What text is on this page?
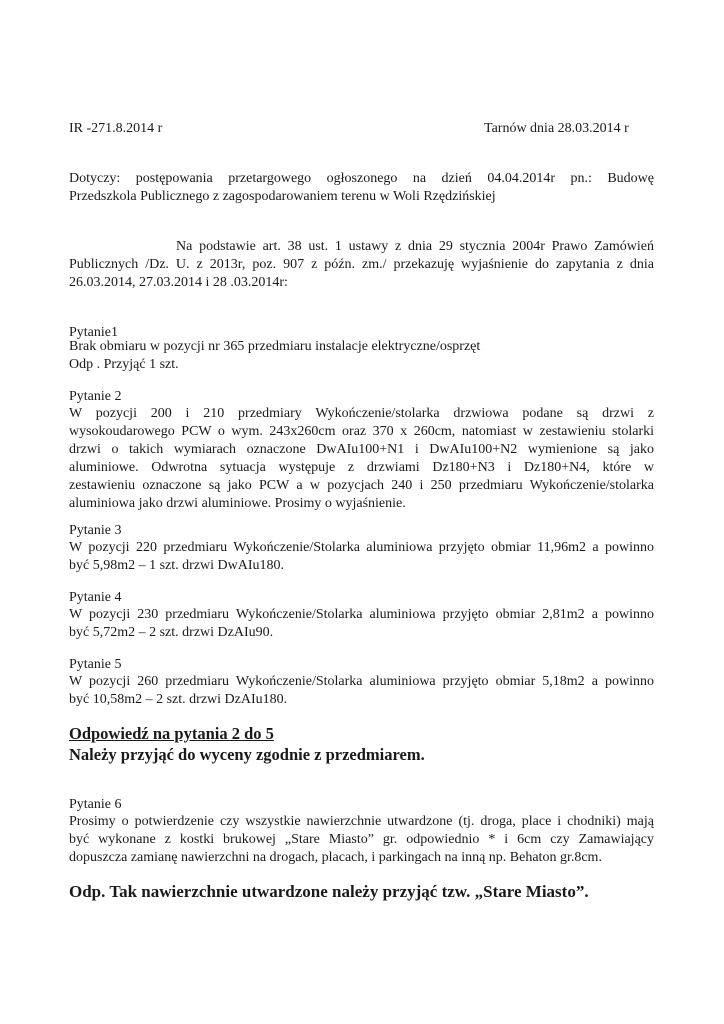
IR -271.8.2014 r	Tarnów dnia 28.03.2014 r
Dotyczy: postępowania przetargowego ogłoszonego na dzień 04.04.2014r pn.: Budowę
Przedszkola Publicznego z zagospodarowaniem terenu w Woli Rzędzińskiej
Na podstawie art. 38 ust. 1 ustawy z dnia 29 stycznia 2004r Prawo Zamówień
Publicznych /Dz. U. z 2013r, poz. 907 z późn. zm./ przekazuję wyjaśnienie do zapytania z dnia
26.03.2014, 27.03.2014 i 28 .03.2014r:
Pytanie1
Brak obmiaru w pozycji nr 365 przedmiaru instalacje elektryczne/osprzęt
Odp . Przyjąć 1 szt.
Pytanie 2
W pozycji 200 i 210 przedmiary Wykończenie/stolarka drzwiowa podane są drzwi z
wysokoudarowego PCW o wym. 243x260cm oraz 370 x 260cm, natomiast w zestawieniu stolarki
drzwi o takich wymiarach oznaczone DwAIu100+N1 i DwAIu100+N2 wymienione są jako
aluminiowe. Odwrotna sytuacja występuje z drzwiami Dz180+N3 i Dz180+N4, które w
zestawieniu oznaczone są jako PCW a w pozycjach 240 i 250 przedmiaru Wykończenie/stolarka
aluminiowa jako drzwi aluminiowe. Prosimy o wyjaśnienie.
Pytanie 3
W pozycji 220 przedmiaru Wykończenie/Stolarka aluminiowa przyjęto obmiar 11,96m2 a powinno
być 5,98m2 – 1 szt. drzwi DwAIu180.
Pytanie 4
W pozycji 230 przedmiaru Wykończenie/Stolarka aluminiowa przyjęto obmiar 2,81m2 a powinno
być 5,72m2 – 2 szt. drzwi DzAIu90.
Pytanie 5
W pozycji 260 przedmiaru Wykończenie/Stolarka aluminiowa przyjęto obmiar 5,18m2 a powinno
być 10,58m2 – 2 szt. drzwi DzAIu180.
Odpowiedź na pytania 2 do 5
Należy przyjąć do wyceny zgodnie z przedmiarem.
Pytanie 6
Prosimy o potwierdzenie czy wszystkie nawierzchnie utwardzone (tj. droga, place i chodniki) mają
być wykonane z kostki brukowej „Stare Miasto” gr. odpowiednio * i 6cm czy Zamawiający
dopuszcza zamianę nawierzchni na drogach, placach, i parkingach na inną np. Behaton gr.8cm.
Odp. Tak nawierzchnie utwardzone należy przyjąć tzw. „Stare Miasto”.
